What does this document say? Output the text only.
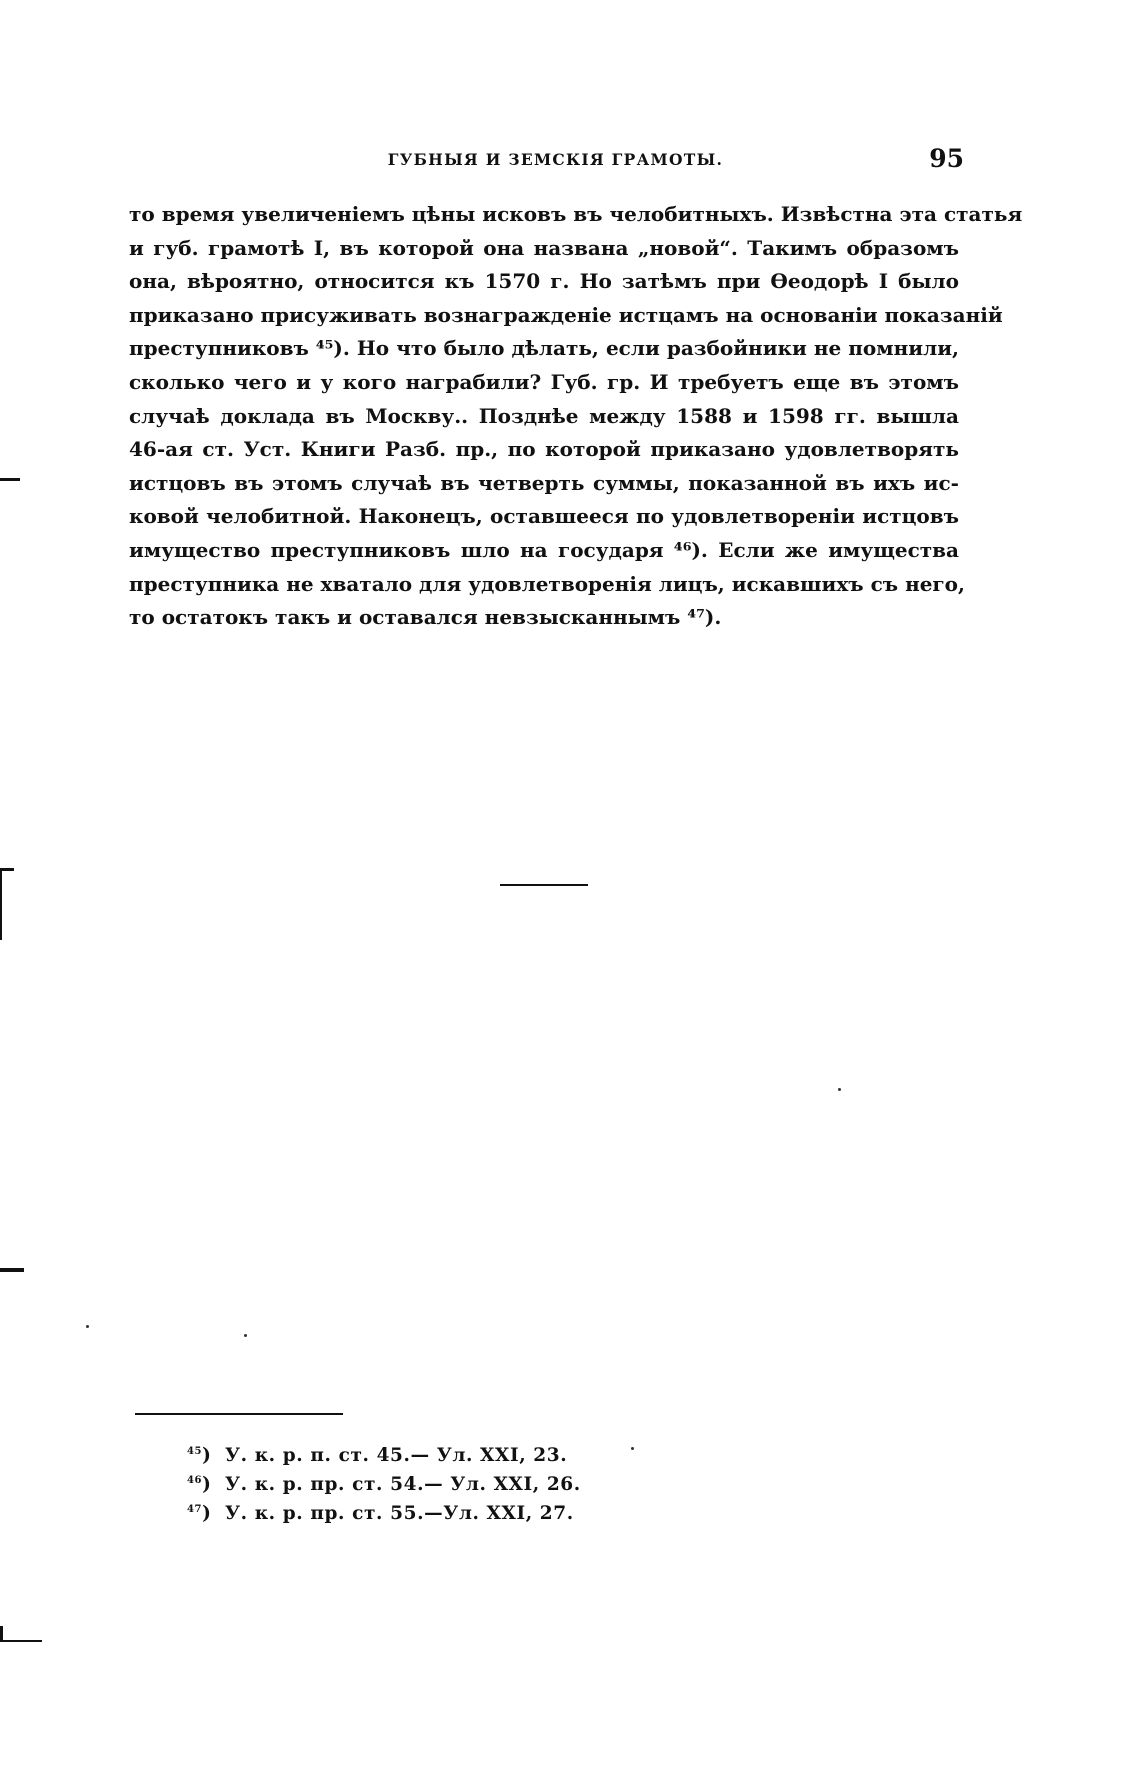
ГУБНЫЯ И ЗЕМСКІЯ ГРАМОТЫ.	95
то время увеличеніемъ цѣны исковъ въ челобитныхъ. Извѣстна эта статья
и губ. грамотѣ I, въ которой она названа „новой“. Такимъ образомъ
она, вѣроятно, относится къ 1570 г. Но затѣмъ при Ѳеодорѣ I было
приказано присуживать вознагражденіе истцамъ на основаніи показаній
преступниковъ ⁴⁵). Но что было дѣлать, если разбойники не помнили,
сколько чего и у кого награбили? Губ. гр. И требуетъ еще въ этомъ
случаѣ доклада въ Москву.. Позднѣе между 1588 и 1598 гг. вышла
46-ая ст. Уст. Книги Разб. пр., по которой приказано удовлетворять
истцовъ въ этомъ случаѣ въ четверть суммы, показанной въ ихъ ис-
ковой челобитной. Наконецъ, оставшееся по удовлетвореніи истцовъ
имущество преступниковъ шло на государя ⁴⁶). Если же имущества
преступника не хватало для удовлетворенія лицъ, искавшихъ съ него,
то остатокъ такъ и оставался невзысканнымъ ⁴⁷).
$^{45}$) У. к. р. п. ст. 45.— Ул. XXI, 23.
$^{46}$) У. к. р. пр. ст. 54.— Ул. XXI, 26.
$^{47}$) У. к. р. пр. ст. 55.—Ул. XXI, 27.
